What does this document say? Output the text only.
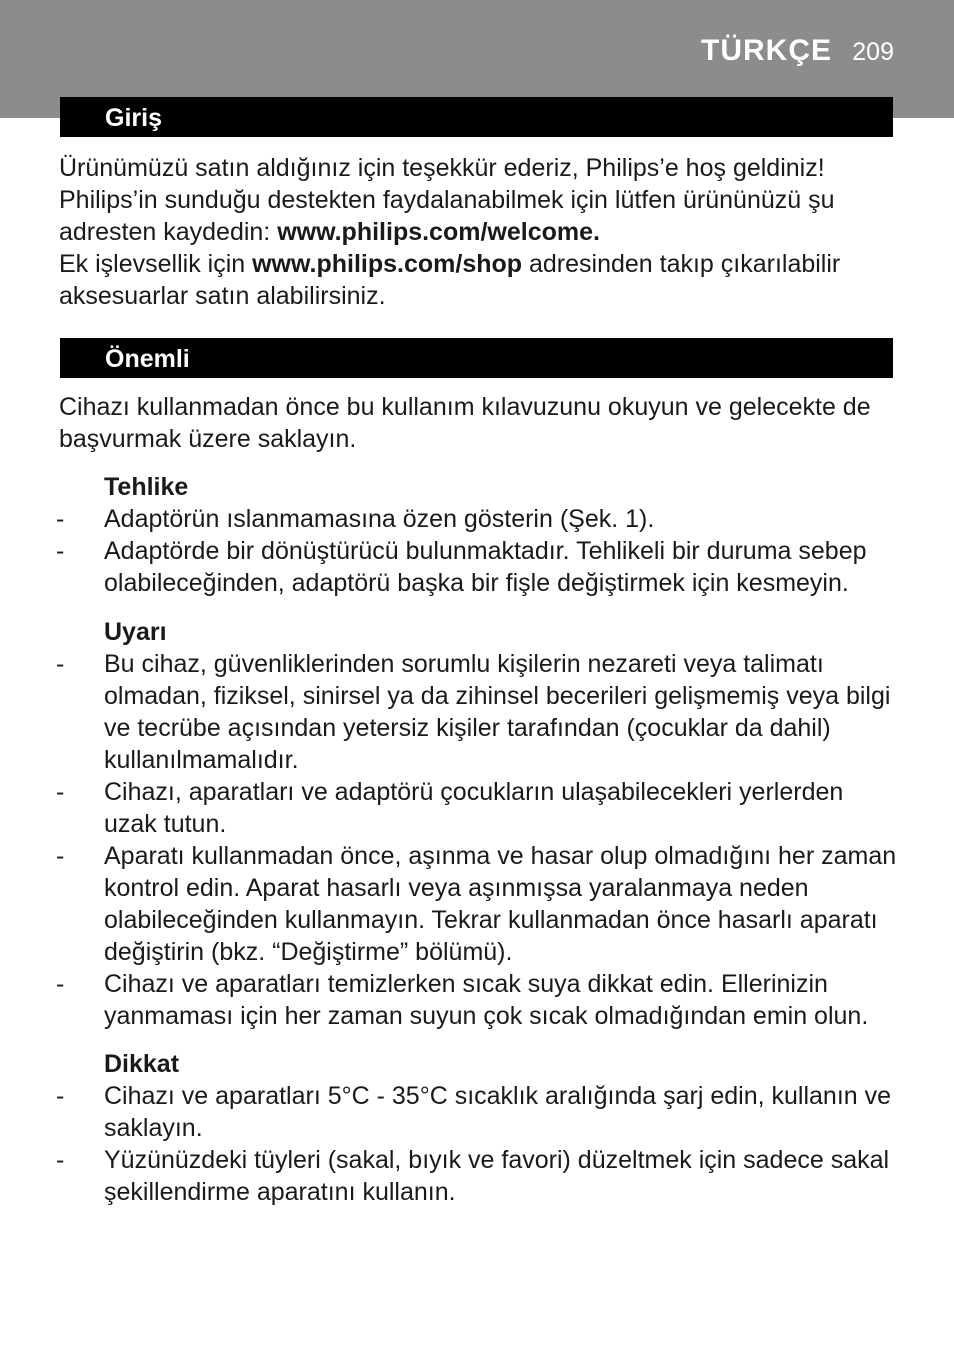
TÜRKÇE 209
Giriş

Ürünümüzü satın aldığınız için teşekkür ederiz, Philips’e hoş geldiniz!
Philips’in sunduğu destekten faydalanabilmek için lütfen ürününüzü şu adresten kaydedin: www.philips.com/welcome.
Ek işlevsellik için www.philips.com/shop adresinden takıp çıkarılabilir aksesuarlar satın alabilirsiniz.

Önemli

Cihazı kullanmadan önce bu kullanım kılavuzunu okuyun ve gelecekte de başvurmak üzere saklayın.

Tehlike
- Adaptörün ıslanmamasına özen gösterin (Şek. 1).
- Adaptörde bir dönüştürücü bulunmaktadır. Tehlikeli bir duruma sebep olabileceğinden, adaptörü başka bir fişle değiştirmek için kesmeyin.
Uyarı
- Bu cihaz, güvenliklerinden sorumlu kişilerin nezareti veya talimatı olmadan, fiziksel, sinirsel ya da zihinsel becerileri gelişmemiş veya bilgi ve tecrübe açısından yetersiz kişiler tarafından (çocuklar da dahil) kullanılmamalıdır.
- Cihazı, aparatları ve adaptörü çocukların ulaşabilecekleri yerlerden uzak tutun.
- Aparatı kullanmadan önce, aşınma ve hasar olup olmadığını her zaman kontrol edin. Aparat hasarlı veya aşınmışsa yaralanmaya neden olabileceğinden kullanmayın. Tekrar kullanmadan önce hasarlı aparatı değiştirin (bkz. “Değiştirme” bölümü).
- Cihazı ve aparatları temizlerken sıcak suya dikkat edin. Ellerinizin yanmaması için her zaman suyun çok sıcak olmadığından emin olun.
Dikkat
- Cihazı ve aparatları 5°C - 35°C sıcaklık aralığında şarj edin, kullanın ve saklayın.
- Yüzünüzdeki tüyleri (sakal, bıyık ve favori) düzeltmek için sadece sakal şekillendirme aparatını kullanın.
